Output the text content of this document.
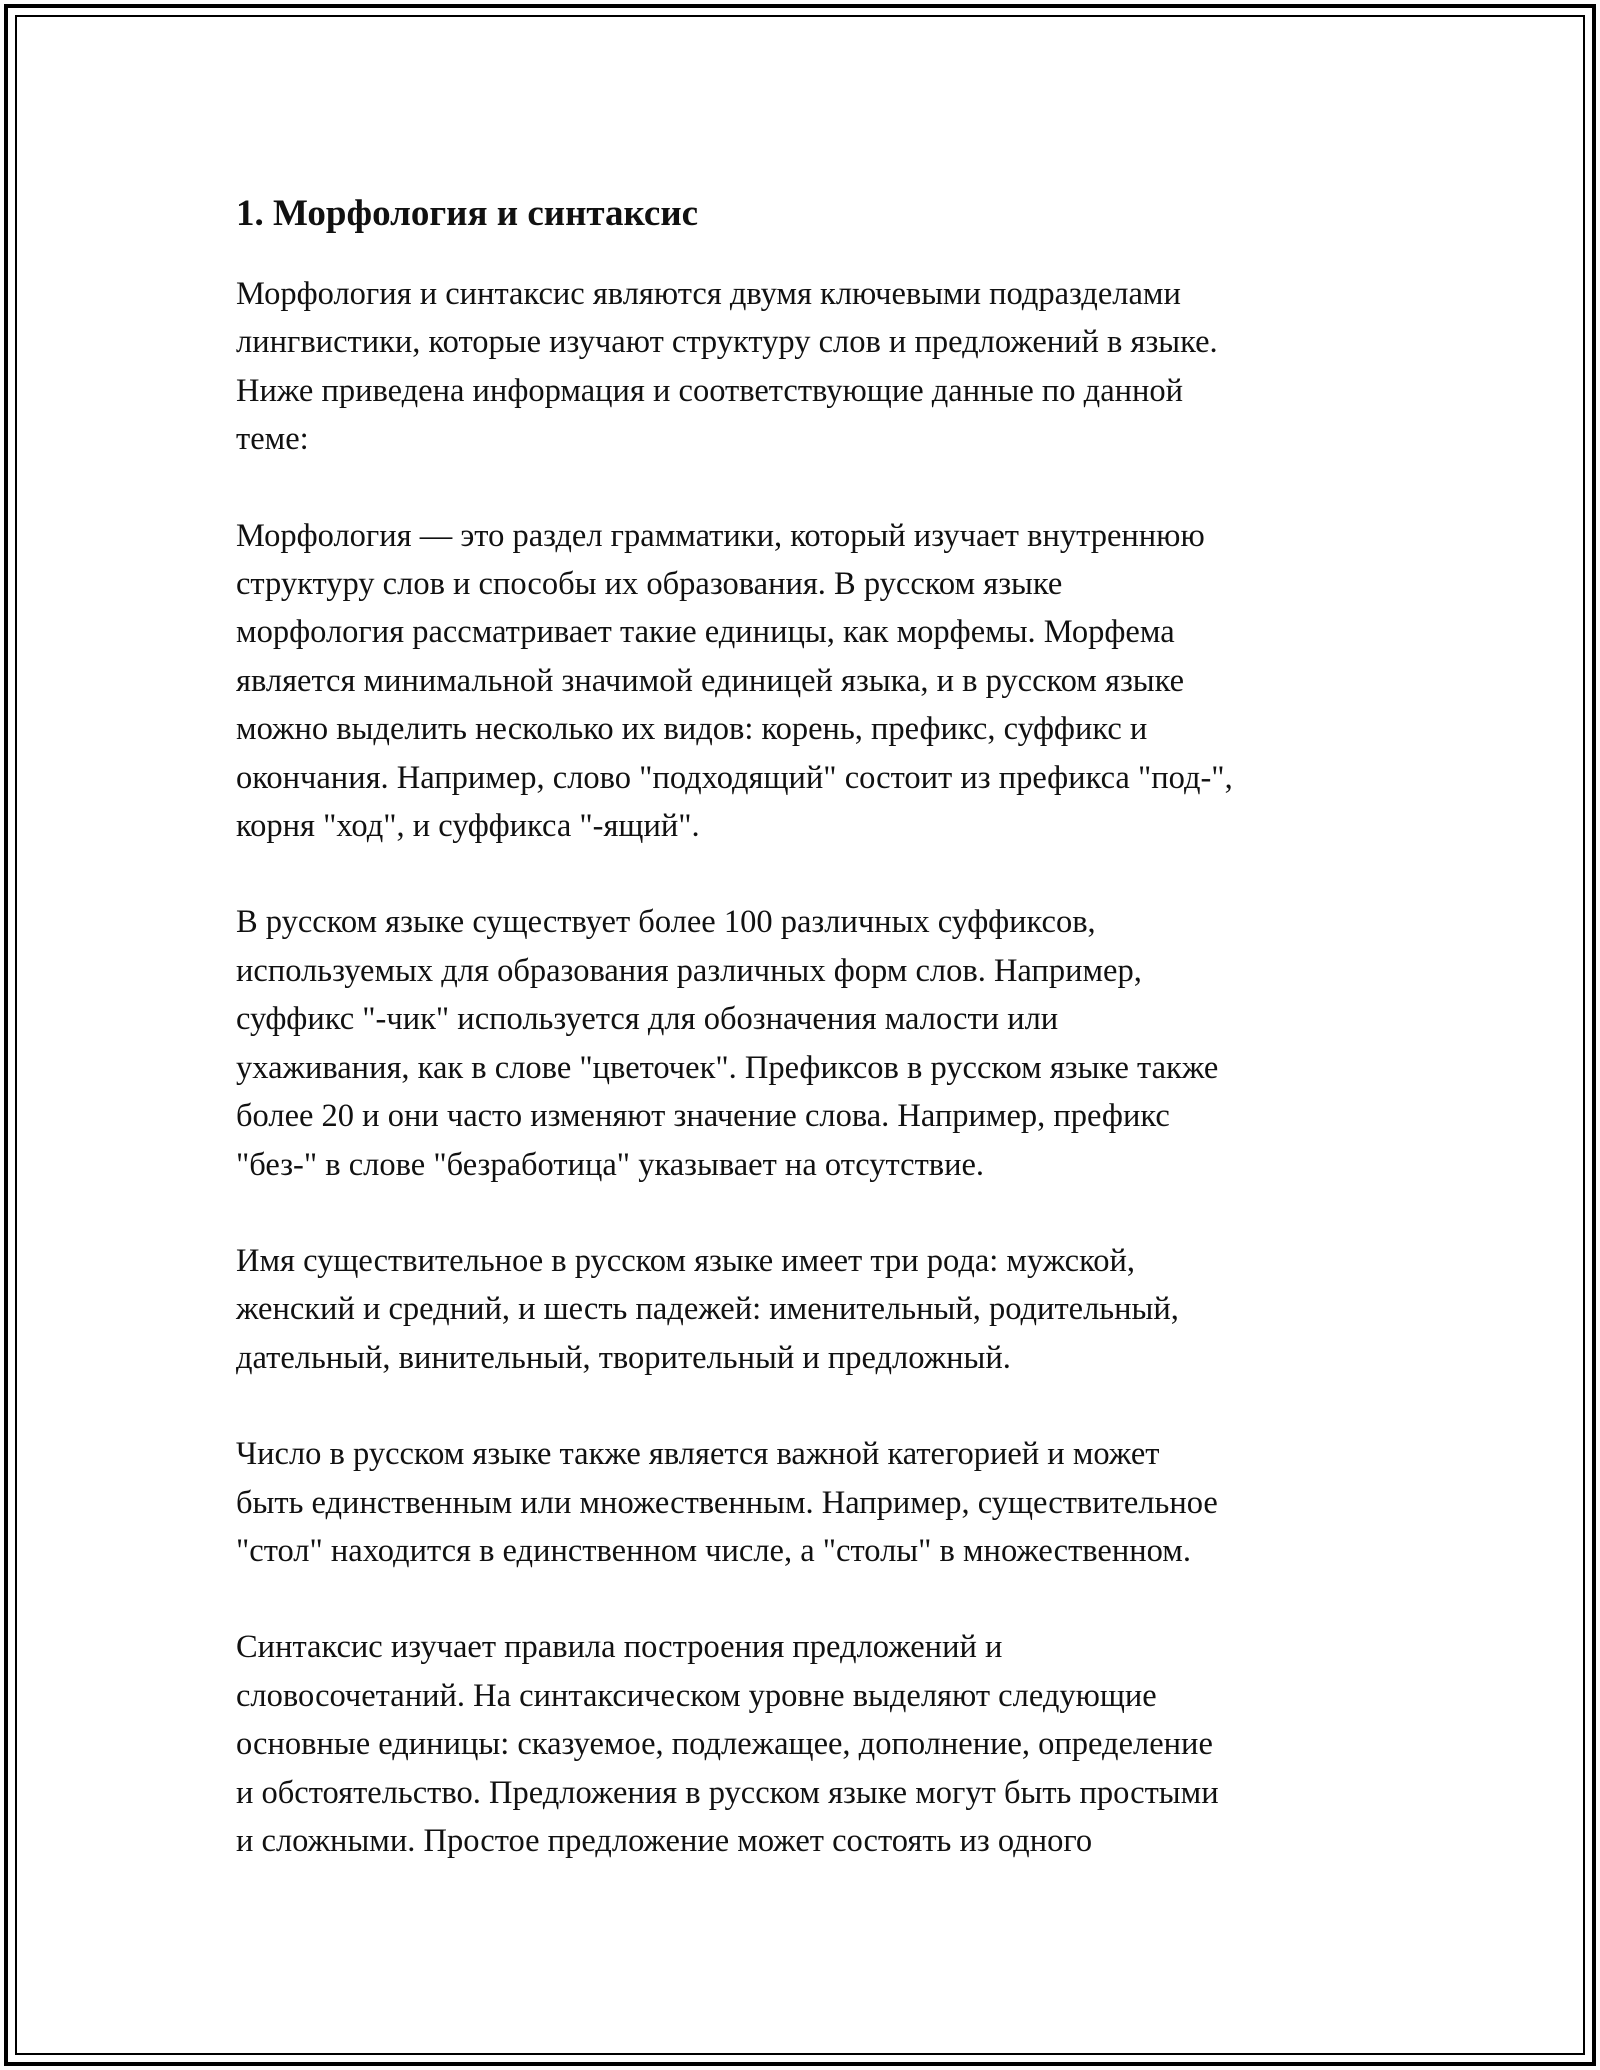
1. Морфология и синтаксис

Морфология и синтаксис являются двумя ключевыми подразделами
лингвистики, которые изучают структуру слов и предложений в языке.
Ниже приведена информация и соответствующие данные по данной
теме:

Морфология — это раздел грамматики, который изучает внутреннюю
структуру слов и способы их образования. В русском языке
морфология рассматривает такие единицы, как морфемы. Морфема
является минимальной значимой единицей языка, и в русском языке
можно выделить несколько их видов: корень, префикс, суффикс и
окончания. Например, слово "подходящий" состоит из префикса "под-",
корня "ход", и суффикса "-ящий".

В русском языке существует более 100 различных суффиксов,
используемых для образования различных форм слов. Например,
суффикс "-чик" используется для обозначения малости или
ухаживания, как в слове "цветочек". Префиксов в русском языке также
более 20 и они часто изменяют значение слова. Например, префикс
"без-" в слове "безработица" указывает на отсутствие.

Имя существительное в русском языке имеет три рода: мужской,
женский и средний, и шесть падежей: именительный, родительный,
дательный, винительный, творительный и предложный.

Число в русском языке также является важной категорией и может
быть единственным или множественным. Например, существительное
"стол" находится в единственном числе, а "столы" в множественном.

Синтаксис изучает правила построения предложений и
словосочетаний. На синтаксическом уровне выделяют следующие
основные единицы: сказуемое, подлежащее, дополнение, определение
и обстоятельство. Предложения в русском языке могут быть простыми
и сложными. Простое предложение может состоять из одного
